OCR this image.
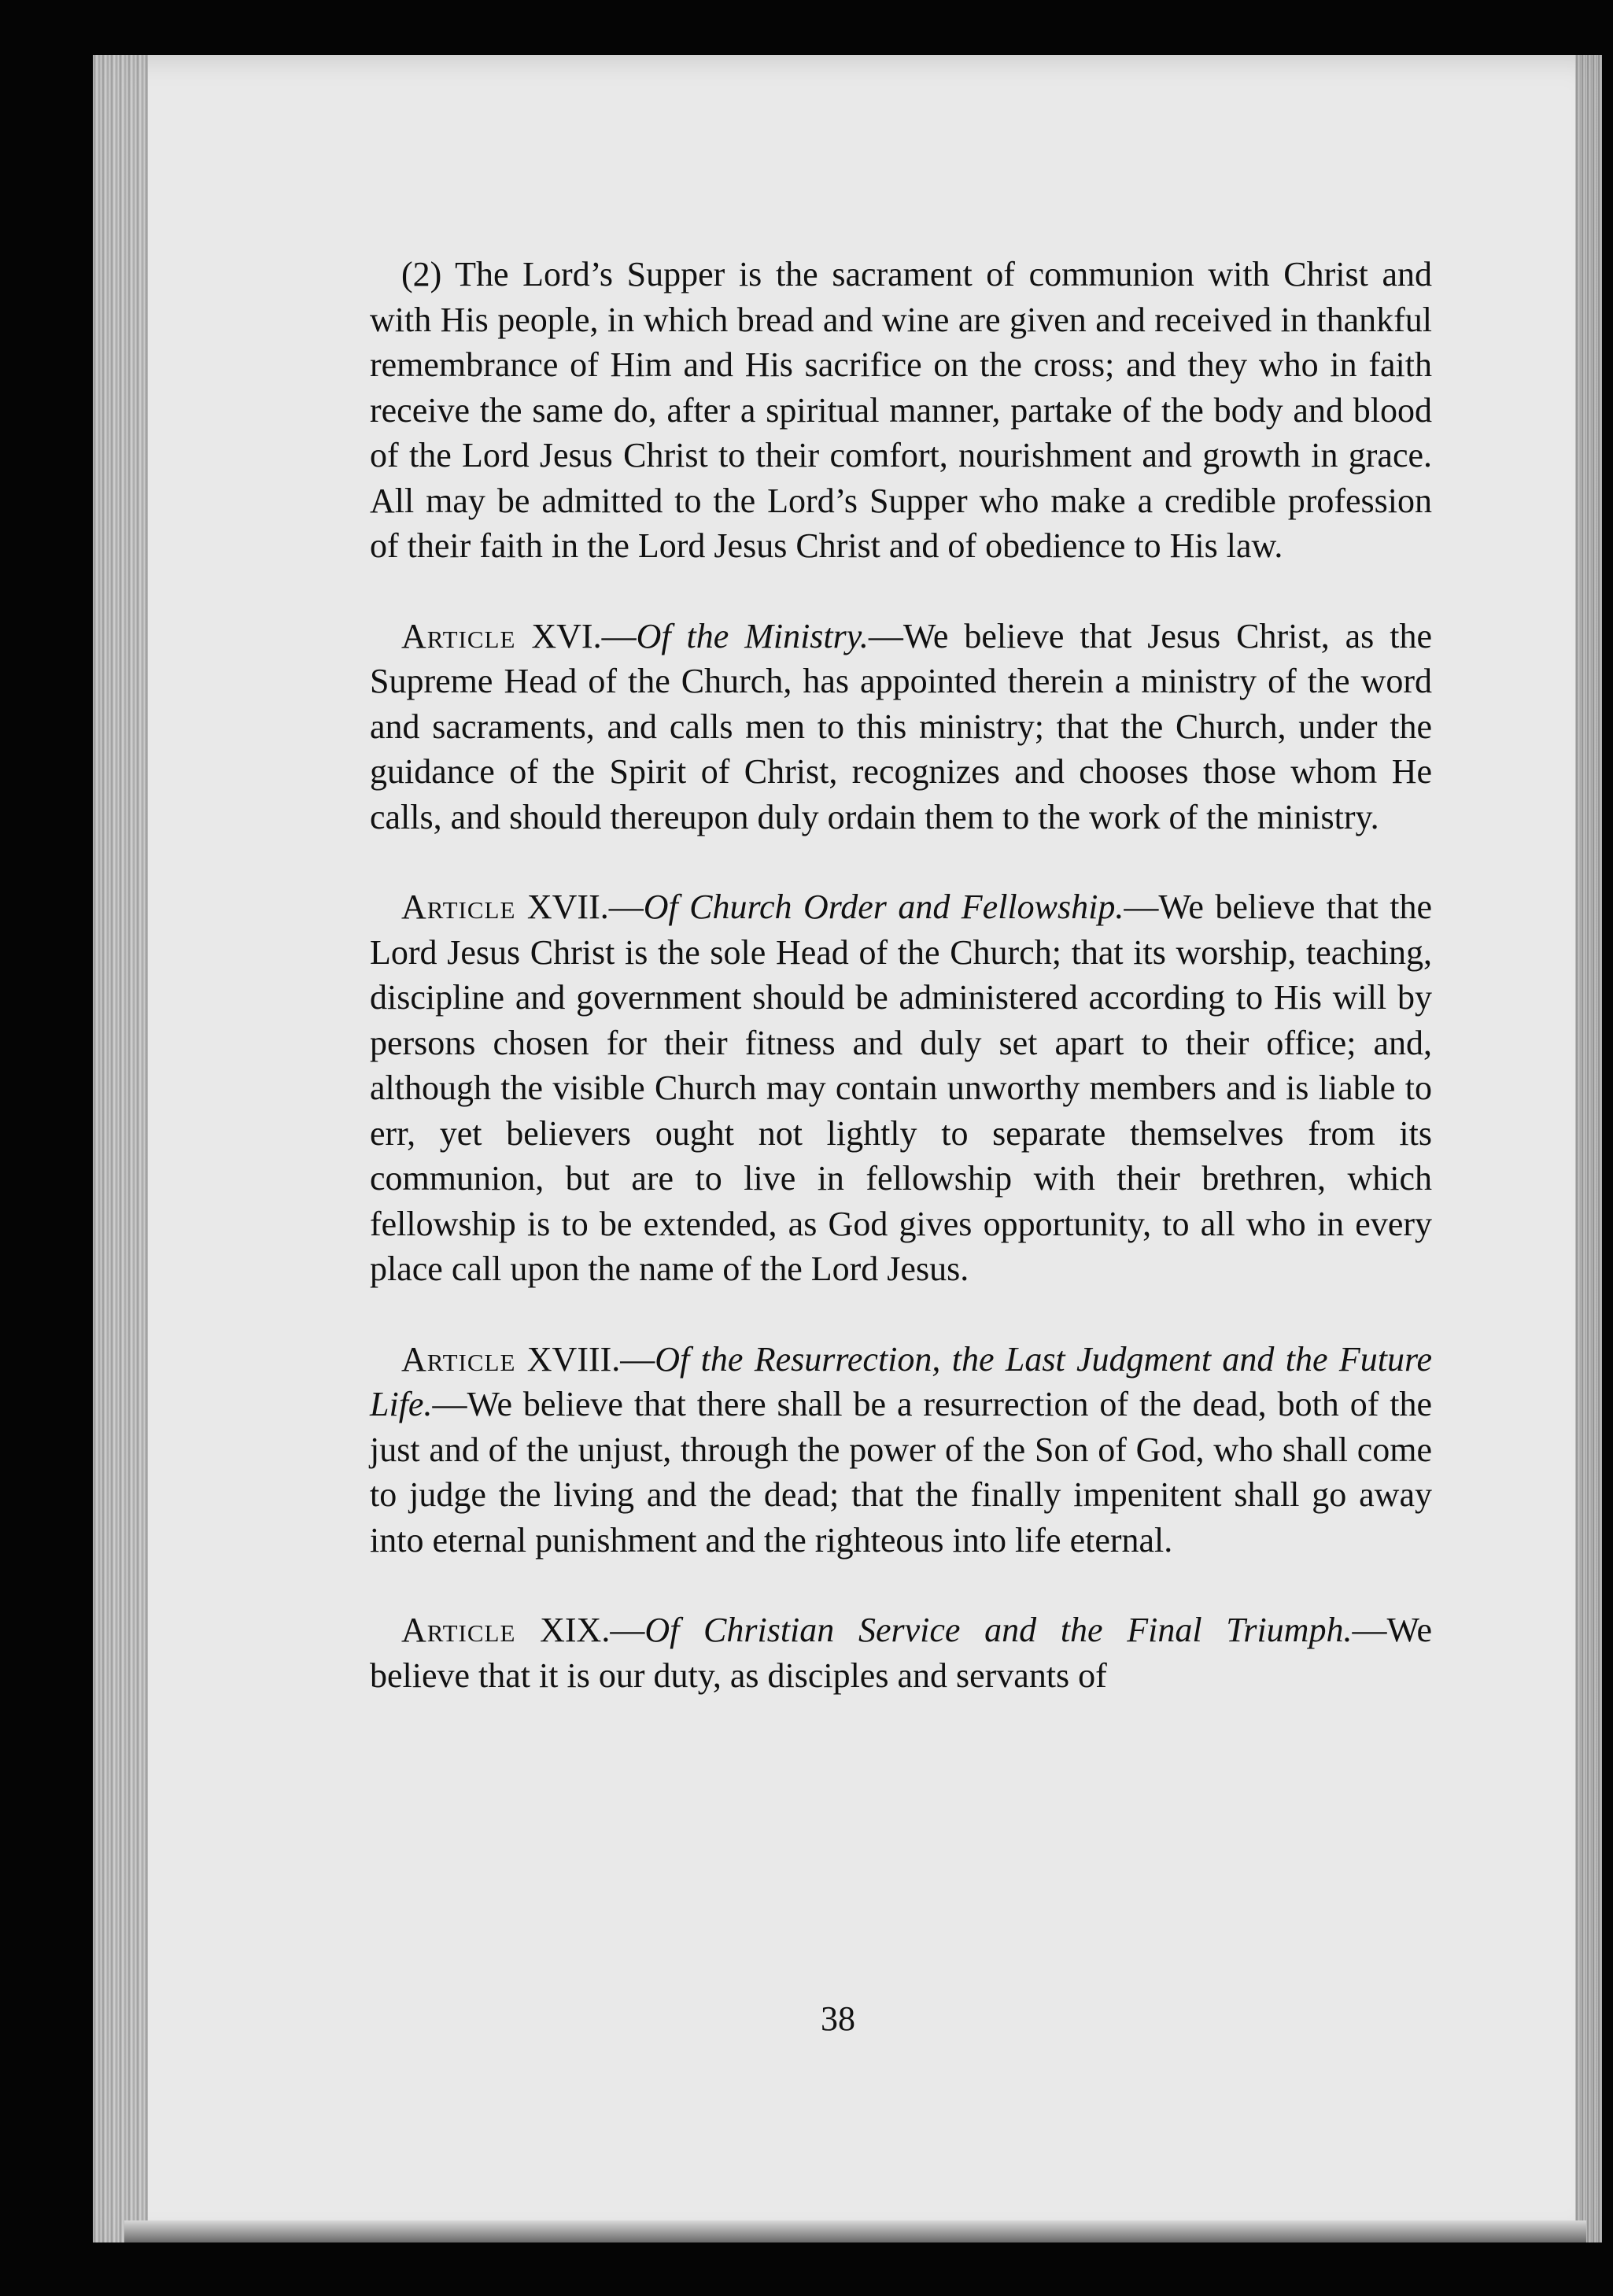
(2) The Lord’s Supper is the sacrament of communion with Christ and with His people, in which bread and wine are given and received in thankful remembrance of Him and His sacrifice on the cross; and they who in faith receive the same do, after a spiritual manner, partake of the body and blood of the Lord Jesus Christ to their comfort, nourishment and growth in grace. All may be admitted to the Lord’s Supper who make a credible profession of their faith in the Lord Jesus Christ and of obedience to His law.

Article XVI.—Of the Ministry.—We believe that Jesus Christ, as the Supreme Head of the Church, has appointed therein a ministry of the word and sacraments, and calls men to this ministry; that the Church, under the guidance of the Spirit of Christ, recognizes and chooses those whom He calls, and should thereupon duly ordain them to the work of the ministry.

Article XVII.—Of Church Order and Fellowship.—We believe that the Lord Jesus Christ is the sole Head of the Church; that its worship, teaching, discipline and government should be administered according to His will by persons chosen for their fitness and duly set apart to their office; and, although the visible Church may contain unworthy members and is liable to err, yet believers ought not lightly to separate themselves from its communion, but are to live in fellowship with their brethren, which fellowship is to be extended, as God gives opportunity, to all who in every place call upon the name of the Lord Jesus.

Article XVIII.—Of the Resurrection, the Last Judgment and the Future Life.—We believe that there shall be a resurrection of the dead, both of the just and of the unjust, through the power of the Son of God, who shall come to judge the living and the dead; that the finally impenitent shall go away into eternal punishment and the righteous into life eternal.

Article XIX.—Of Christian Service and the Final Triumph.—We believe that it is our duty, as disciples and servants of

38
